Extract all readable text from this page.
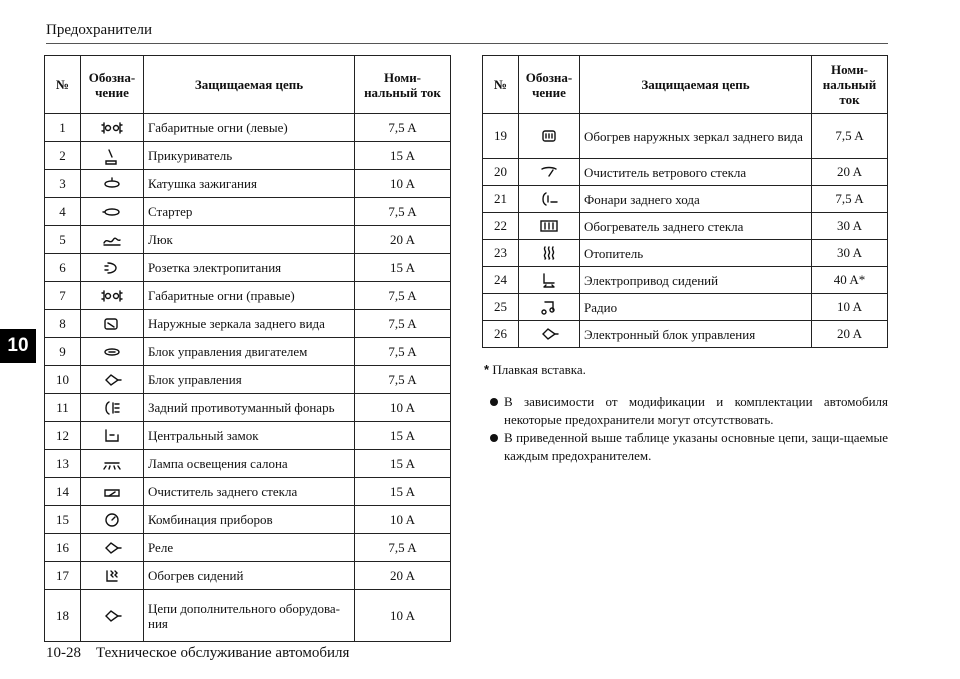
Предохранители
10
№	Обозна-чение	Защищаемая цепь	Номи-нальный ток
1		Габаритные огни (левые)	7,5 A
2		Прикуриватель	15 A
3		Катушка зажигания	10 A
4		Стартер	7,5 A
5		Люк	20 A
6		Розетка электропитания	15 A
7		Габаритные огни (правые)	7,5 A
8		Наружные зеркала заднего вида	7,5 A
9		Блок управления двигателем	7,5 A
10		Блок управления	7,5 A
11		Задний противотуманный фонарь	10 A
12		Центральный замок	15 A
13		Лампа освещения салона	15 A
14		Очиститель заднего стекла	15 A
15		Комбинация приборов	10 A
16		Реле	7,5 A
17		Обогрев сидений	20 A
18		Цепи дополнительного оборудова-ния	10 A
№	Обозна-чение	Защищаемая цепь	Номи-нальный ток
19		Обогрев наружных зеркал заднего вида	7,5 A
20		Очиститель ветрового стекла	20 A
21		Фонари заднего хода	7,5 A
22		Обогреватель заднего стекла	30 A
23		Отопитель	30 A
24		Электропривод сидений	40 A*
25		Радио	10 A
26		Электронный блок управления	20 A
* Плавкая вставка.
В зависимости от модификации и комплектации автомобиля некоторые предохранители могут отсутствовать.
В приведенной выше таблице указаны основные цепи, защи-щаемые каждым предохранителем.
10-28 Техническое обслуживание автомобиля
